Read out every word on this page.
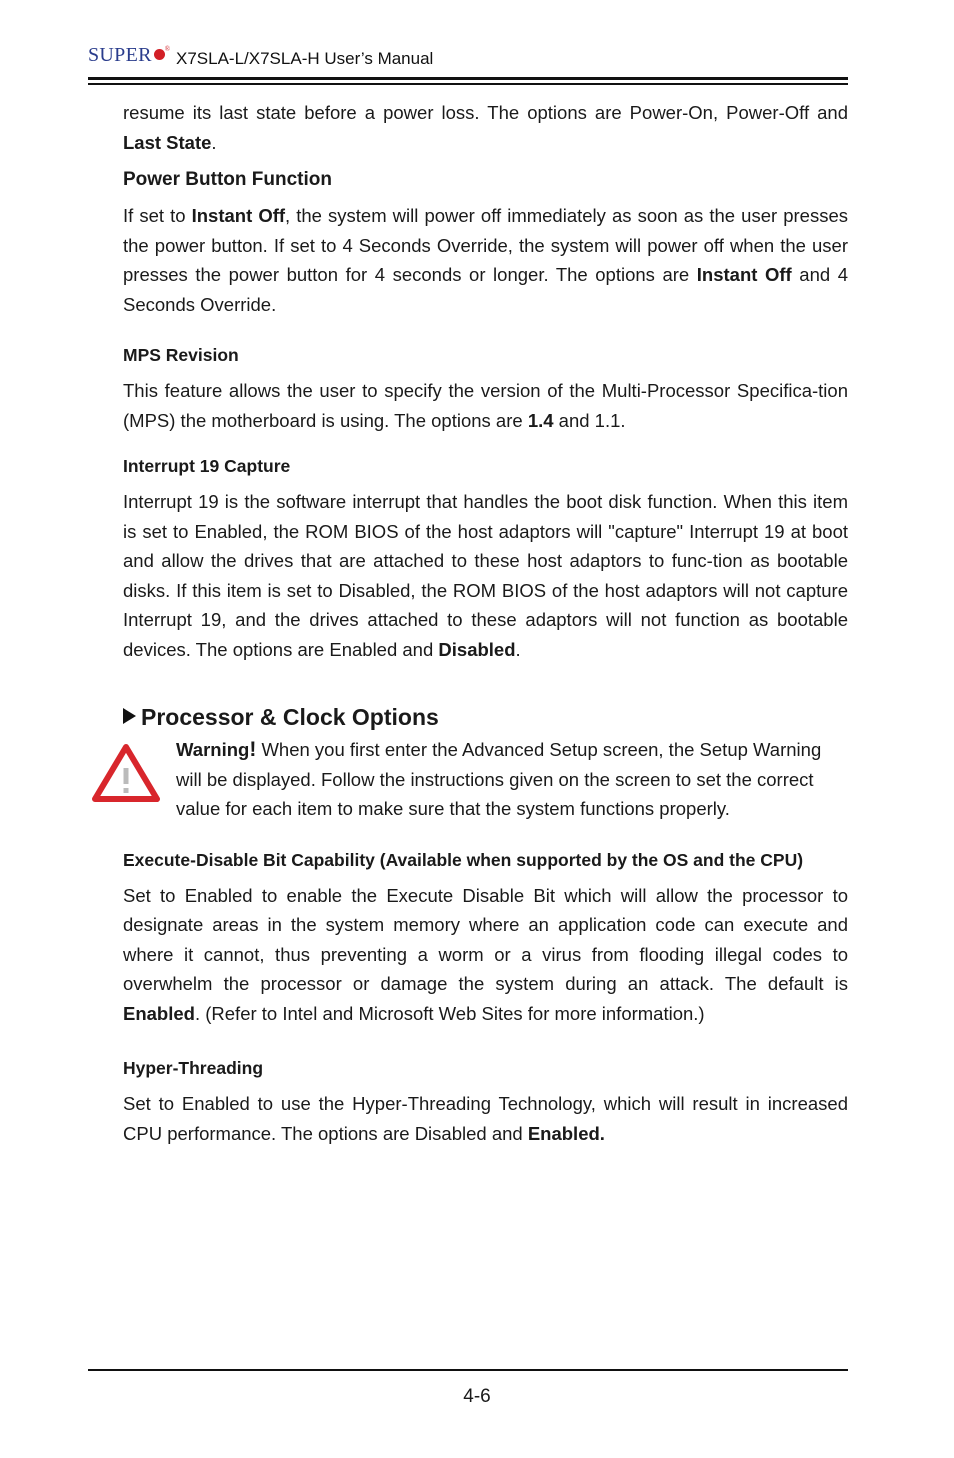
SUPER ® X7SLA-L/X7SLA-H User’s Manual

resume its last state before a power loss. The options are Power-On, Power-Off and Last State.

Power Button Function

If set to Instant Off, the system will power off immediately as soon as the user presses the power button. If set to 4 Seconds Override, the system will power off when the user presses the power button for 4 seconds or longer. The options are Instant Off and 4 Seconds Override.

MPS Revision

This feature allows the user to specify the version of the Multi-Processor Specifica-tion (MPS) the motherboard is using. The options are 1.4 and 1.1.

Interrupt 19 Capture

Interrupt 19 is the software interrupt that handles the boot disk function. When this item is set to Enabled, the ROM BIOS of the host adaptors will "capture" Interrupt 19 at boot and allow the drives that are attached to these host adaptors to func-tion as bootable disks. If this item is set to Disabled, the ROM BIOS of the host adaptors will not capture Interrupt 19, and the drives attached to these adaptors will not function as bootable devices. The options are Enabled and Disabled.

Processor & Clock Options
Warning! When you first enter the Advanced Setup screen, the Setup Warning will be displayed. Follow the instructions given on the screen to set the correct value for each item to make sure that the system functions properly.
Execute-Disable Bit Capability (Available when supported by the OS and the CPU)

Set to Enabled to enable the Execute Disable Bit which will allow the processor to designate areas in the system memory where an application code can execute and where it cannot, thus preventing a worm or a virus from flooding illegal codes to overwhelm the processor or damage the system during an attack. The default is Enabled. (Refer to Intel and Microsoft Web Sites for more information.)

Hyper-Threading

Set to Enabled to use the Hyper-Threading Technology, which will result in increased CPU performance. The options are Disabled and Enabled.

4-6
